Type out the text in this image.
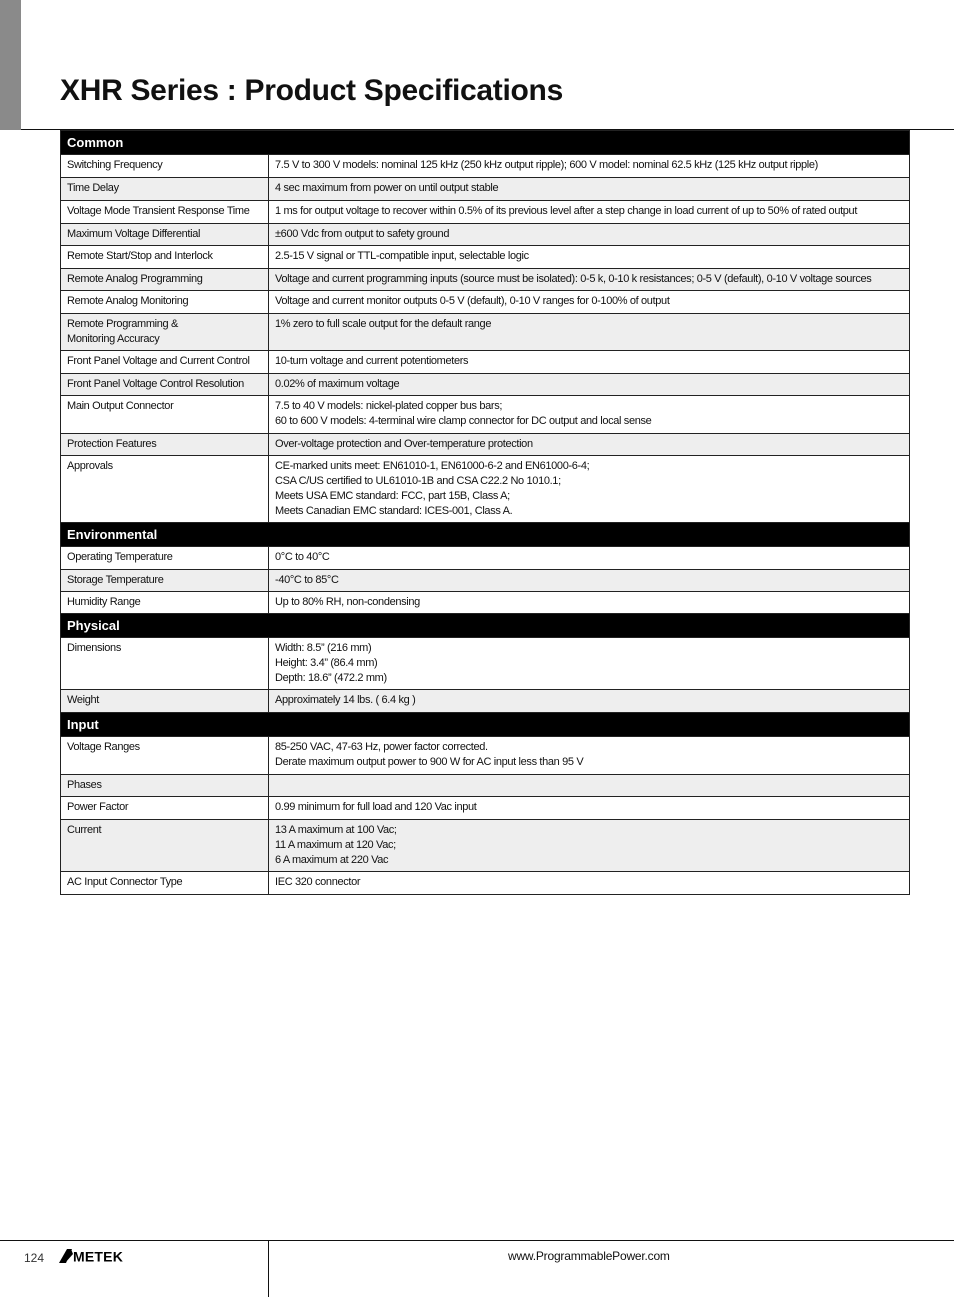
XHR Series : Product Specifications
Common	
Switching Frequency	7.5 V to 300 V models: nominal 125 kHz (250 kHz output ripple); 600 V model: nominal 62.5 kHz (125 kHz output ripple)
Time Delay	4 sec maximum from power on until output stable
Voltage Mode Transient Response Time	1 ms for output voltage to recover within 0.5% of its previous level after a step change in load current of up to 50% of rated output
Maximum Voltage Differential	±600 Vdc from output to safety ground
Remote Start/Stop and Interlock	2.5-15 V signal or TTL-compatible input, selectable logic
Remote Analog Programming	Voltage and current programming inputs (source must be isolated): 0-5 k, 0-10 k resistances; 0-5 V (default), 0-10 V voltage sources
Remote Analog Monitoring	Voltage and current monitor outputs 0-5 V (default), 0-10 V ranges for 0-100% of output
Remote Programming &
Monitoring Accuracy	1% zero to full scale output for the default range
Front Panel Voltage and Current Control	10-turn voltage and current potentiometers
Front Panel Voltage Control Resolution	0.02% of maximum voltage
Main Output Connector	7.5 to 40 V models: nickel-plated copper bus bars;
60 to 600 V models: 4-terminal wire clamp connector for DC output and local sense
Protection Features	Over-voltage protection and Over-temperature protection
Approvals	CE-marked units meet: EN61010-1, EN61000-6-2 and EN61000-6-4;
CSA C/US certified to UL61010-1B and CSA C22.2 No 1010.1;
Meets USA EMC standard: FCC, part 15B, Class A;
Meets Canadian EMC standard: ICES-001, Class A.
Environmental	
Operating Temperature	0°C to 40°C
Storage Temperature	-40°C to 85°C
Humidity Range	Up to 80% RH, non-condensing
Physical	
Dimensions	Width: 8.5” (216 mm)
Height: 3.4” (86.4 mm)
Depth: 18.6” (472.2 mm)
Weight	Approximately 14 lbs. ( 6.4 kg )
Input	
Voltage Ranges	85-250 VAC, 47-63 Hz, power factor corrected.
Derate maximum output power to 900 W for AC input less than 95 V
Phases	
Power Factor	0.99 minimum for full load and 120 Vac input
Current	13 A maximum at 100 Vac;
11 A maximum at 120 Vac;
6 A maximum at 220 Vac
AC Input Connector Type	IEC 320 connector
124 METEK	www.ProgrammablePower.com
